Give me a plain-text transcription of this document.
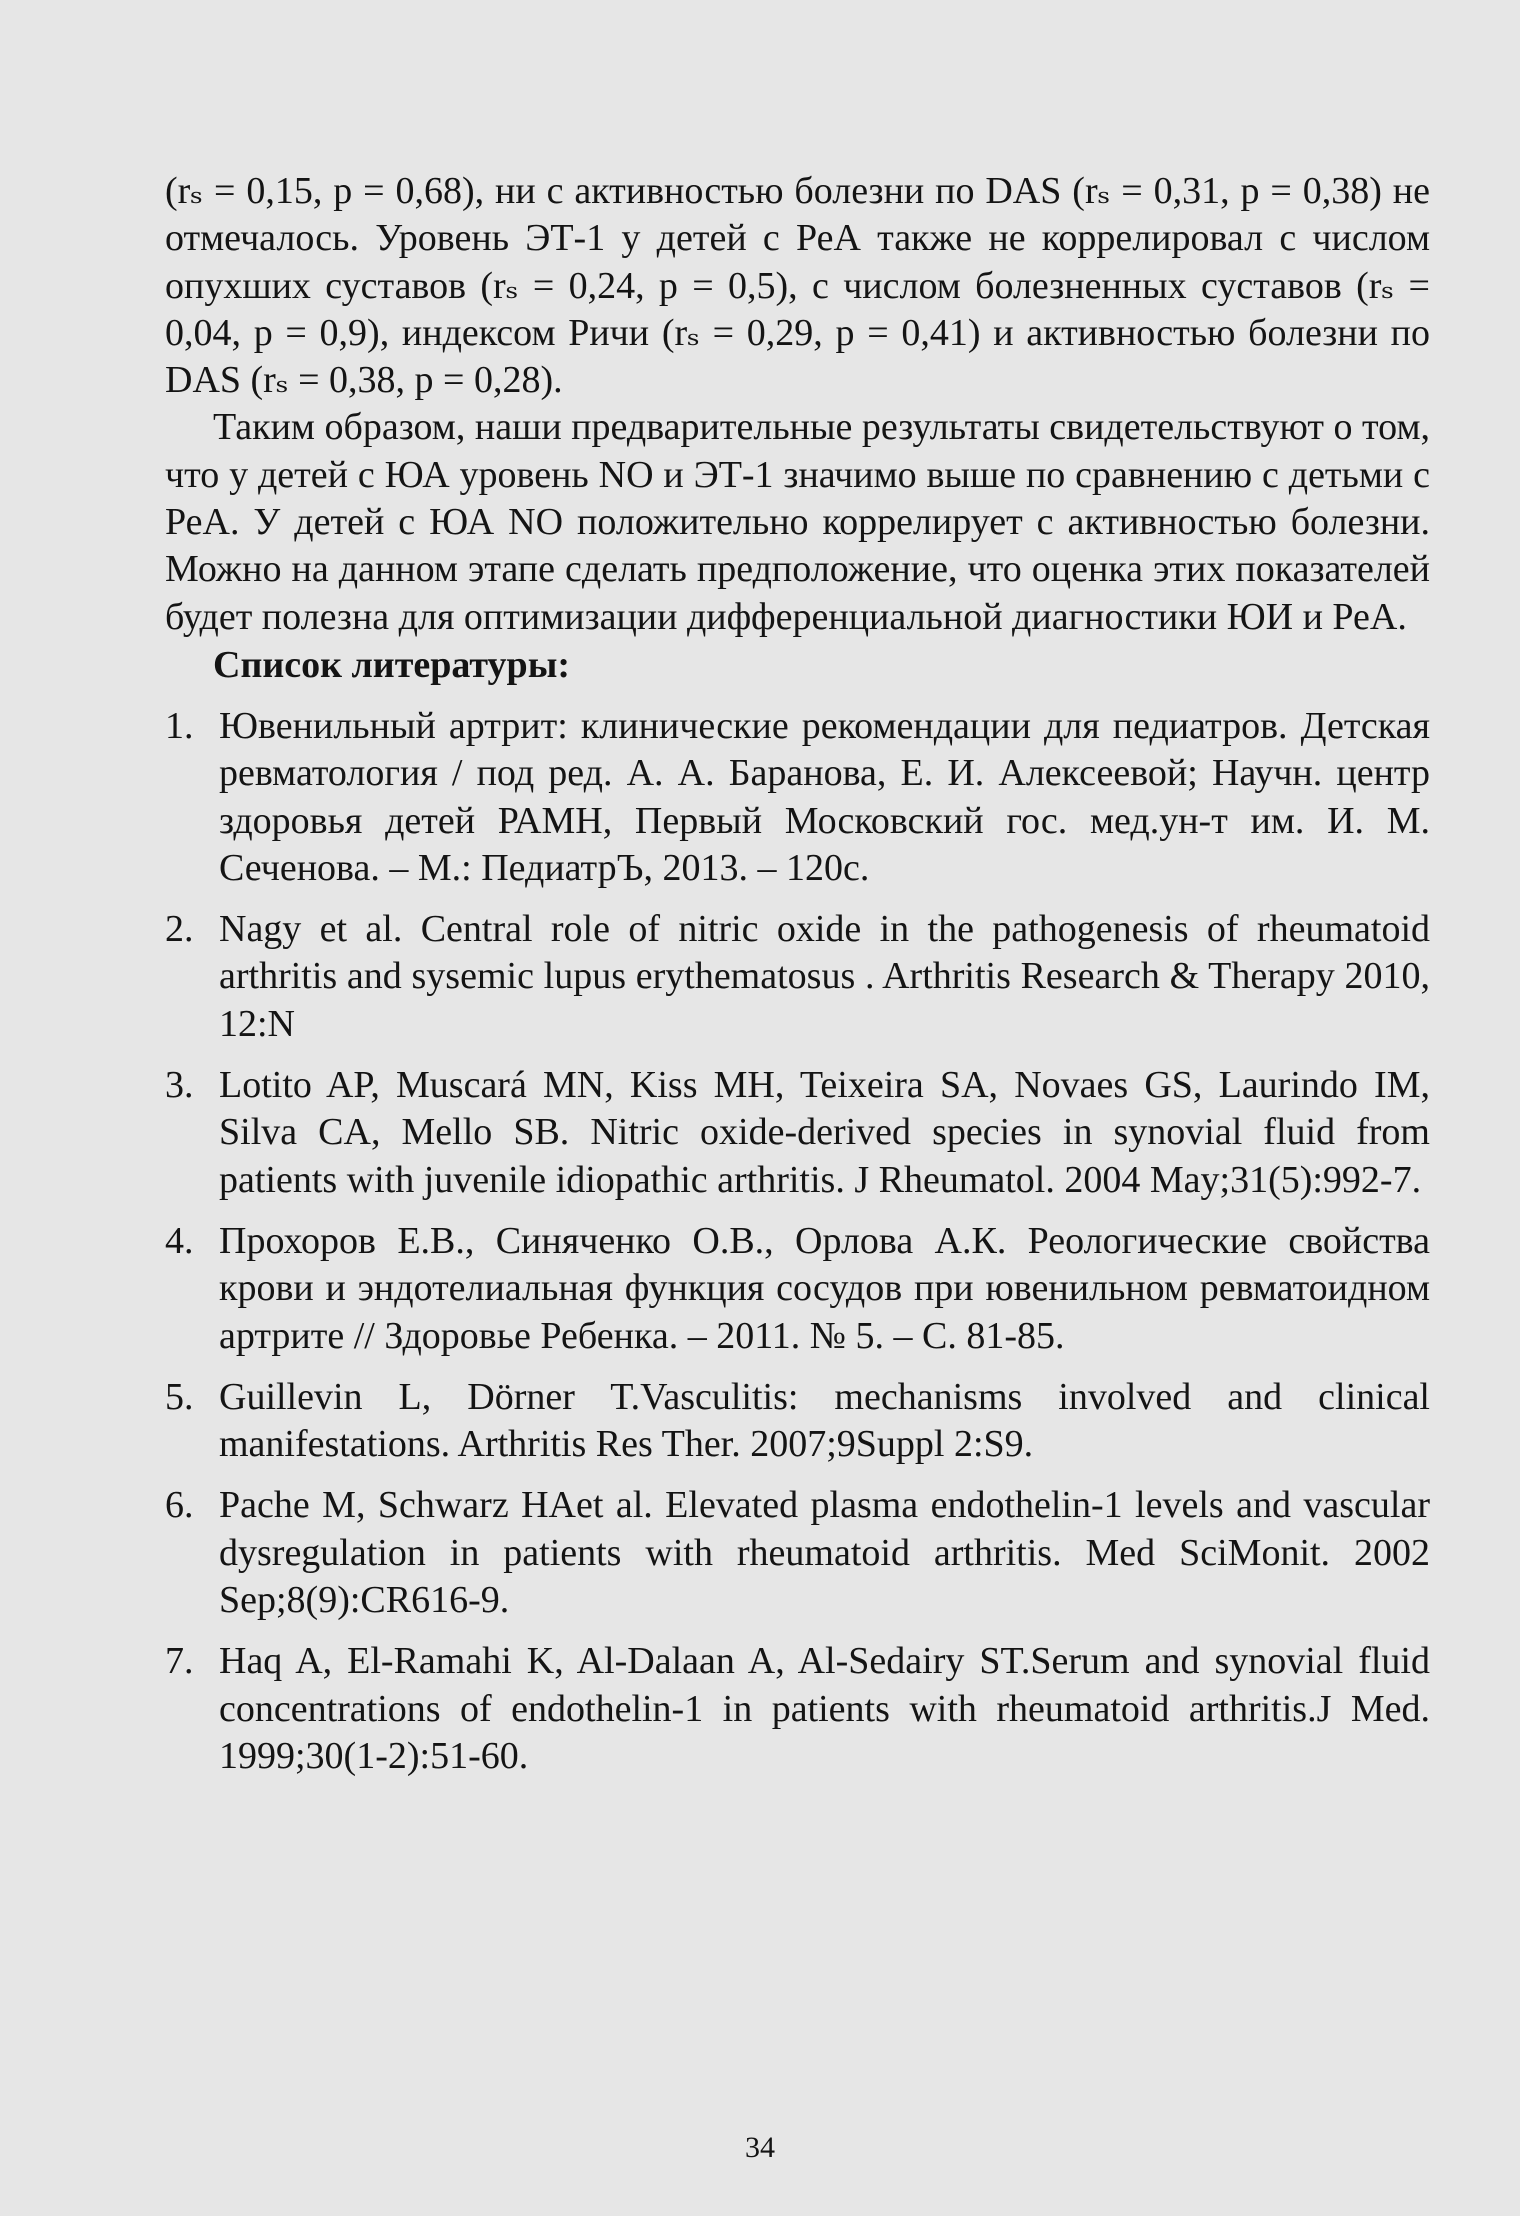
(rₛ = 0,15, p = 0,68), ни с активностью болезни по DAS (rₛ = 0,31, p = 0,38) не отмечалось. Уровень ЭТ-1 у детей с РеА также не коррелировал с числом опухших суставов (rₛ = 0,24, p = 0,5), с числом болезненных суставов (rₛ = 0,04, p = 0,9), индексом Ричи (rₛ = 0,29, p = 0,41) и активностью болезни по DAS (rₛ = 0,38, p = 0,28).

Таким образом, наши предварительные результаты свидетельствуют о том, что у детей с ЮА уровень NO и ЭТ-1 значимо выше по сравнению с детьми с РеА. У детей с ЮА NO положительно коррелирует с активностью болезни. Можно на данном этапе сделать предположение, что оценка этих показателей будет полезна для оптимизации дифференциальной диагностики ЮИ и РеА.

Список литературы:

1. Ювенильный артрит: клинические рекомендации для педиатров. Детская ревматология / под ред. А. А. Баранова, Е. И. Алексеевой; Научн. центр здоровья детей РАМН, Первый Московский гос. мед.ун-т им. И. М. Сеченова. – М.: ПедиатрЪ, 2013. – 120с.
2. Nagy et al. Central role of nitric oxide in the pathogenesis of rheumatoid arthritis and sysemic lupus erythematosus . Arthritis Research & Therapy 2010, 12:N
3. Lotito AP, Muscará MN, Kiss MH, Teixeira SA, Novaes GS, Laurindo IM, Silva CA, Mello SB. Nitric oxide-derived species in synovial fluid from patients with juvenile idiopathic arthritis. J Rheumatol. 2004 May;31(5):992-7.
4. Прохоров Е.В., Синяченко О.В., Орлова А.К. Реологические свойства крови и эндотелиальная функция сосудов при ювенильном ревматоидном артрите // Здоровье Ребенка. – 2011. № 5. – С. 81-85.
5. Guillevin L, Dörner T.Vasculitis: mechanisms involved and clinical manifestations. Arthritis Res Ther. 2007;9Suppl 2:S9.
6. Pache M, Schwarz HAet al. Elevated plasma endothelin-1 levels and vascular dysregulation in patients with rheumatoid arthritis. Med SciMonit. 2002 Sep;8(9):CR616-9.
7. Haq A, El-Ramahi K, Al-Dalaan A, Al-Sedairy ST.Serum and synovial fluid concentrations of endothelin-1 in patients with rheumatoid arthritis.J Med. 1999;30(1-2):51-60.
34
